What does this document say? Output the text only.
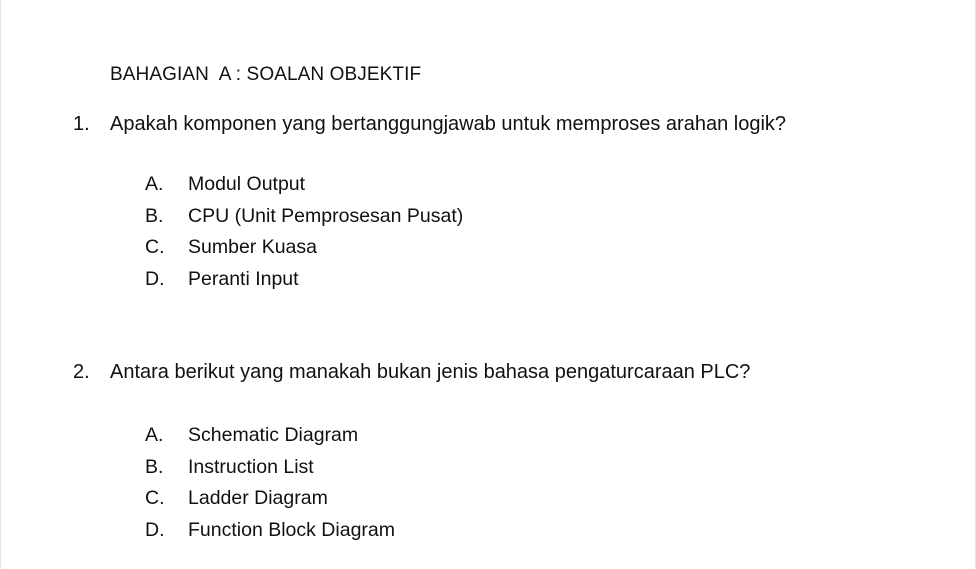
BAHAGIAN  A : SOALAN OBJEKTIF
1. Apakah komponen yang bertanggungjawab untuk memproses arahan logik?
A. Modul Output
B. CPU (Unit Pemprosesan Pusat)
C. Sumber Kuasa
D. Peranti Input
2. Antara berikut yang manakah bukan jenis bahasa pengaturcaraan PLC?
A. Schematic Diagram
B. Instruction List
C. Ladder Diagram
D. Function Block Diagram
